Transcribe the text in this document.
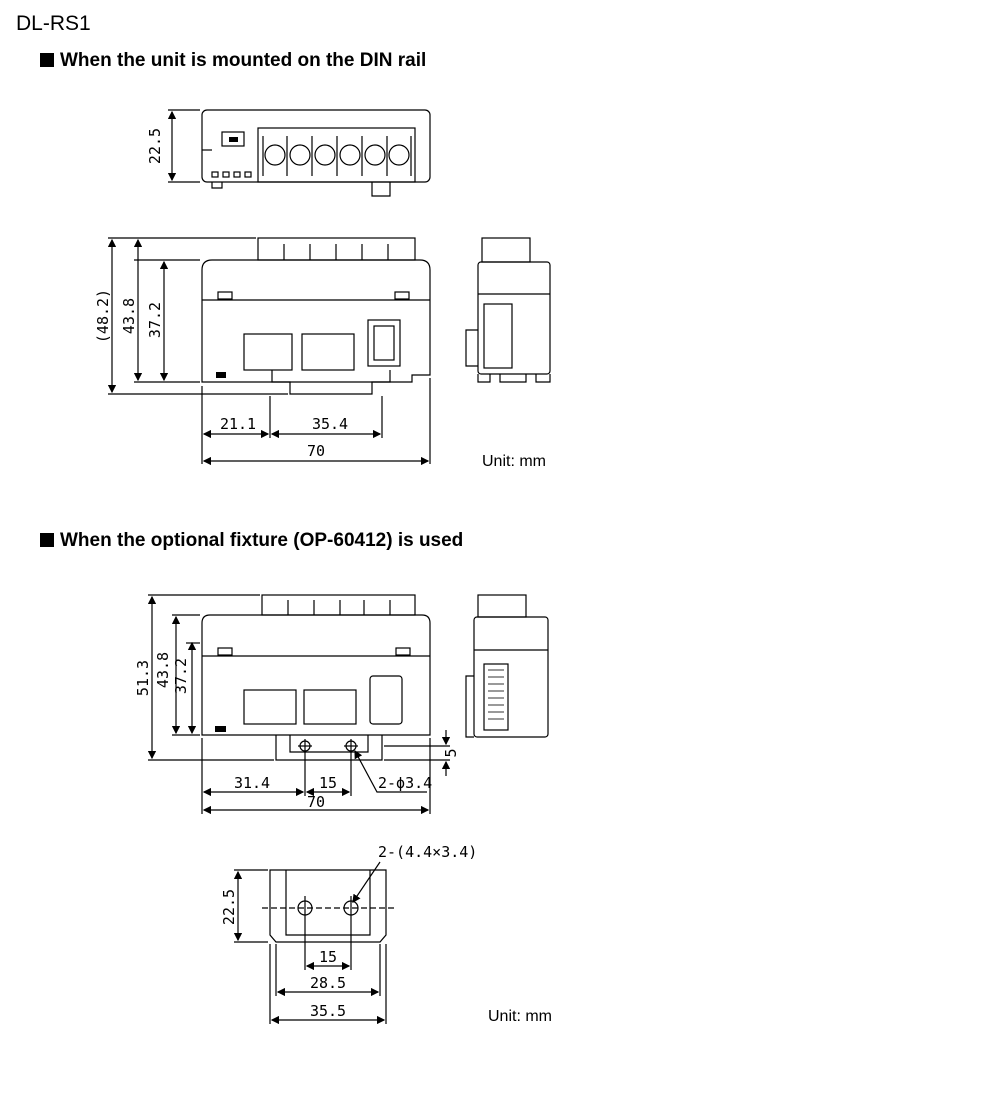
DL-RS1
When the unit is mounted on the DIN rail
When the optional fixture (OP-60412) is used
22.5
(48.2) 43.8 37.2
21.1	35.4
70
Unit: mm
51.3 43.8 37.2
5
31.4	15	2-ϕ3.4
70
2-(4.4×3.4)
22.5
15
28.5
35.5	Unit: mm
